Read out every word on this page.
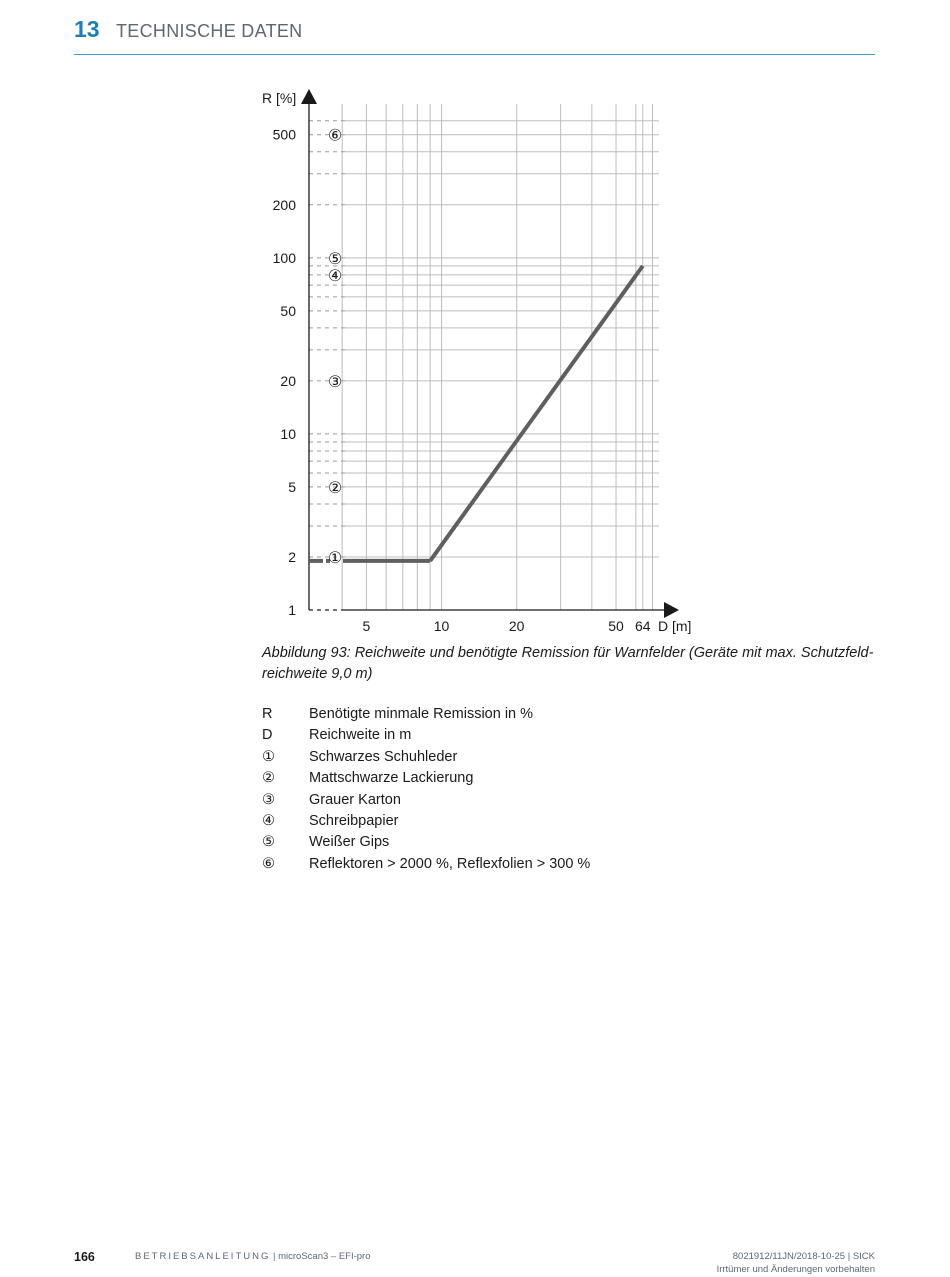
13 TECHNISCHE DATEN
1
2
5
10
20
50
100
200
500
5	10	20	50 64
R [%]
D [m]
①
②
③
④
⑤
⑥
Abbildung 93: Reichweite und benötigte Remission für Warnfelder (Geräte mit max. Schutzfeld-reichweite 9,0 m)
R	Benötigte minmale Remission in %
D	Reichweite in m
①	Schwarzes Schuhleder
②	Mattschwarze Lackierung
③	Grauer Karton
④	Schreibpapier
⑤	Weißer Gips
⑥	Reflektoren > 2000 %, Reflexfolien > 300 %
166	BETRIEBSANLEITUNG | microScan3 – EFI-pro	8021912/11JN/2018-10-25 | SICK
Irrtümer und Änderungen vorbehalten
